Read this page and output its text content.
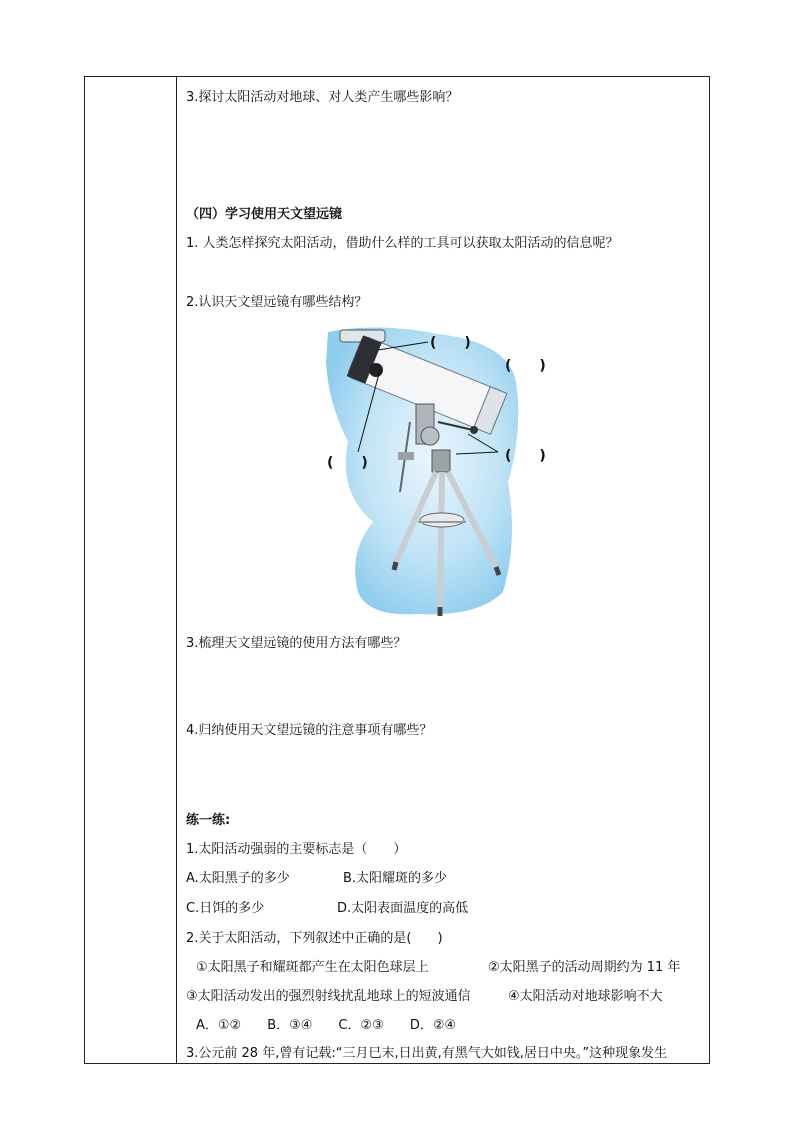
3.探讨太阳活动对地球、对人类产生哪些影响？
（四）学习使用天文望远镜
1. 人类怎样探究太阳活动，借助什么样的工具可以获取太阳活动的信息呢？
2.认识天文望远镜有哪些结构？
(　　)
(　　)
(　　)
(　　)
3.梳理天文望远镜的使用方法有哪些？
4.归纳使用天文望远镜的注意事项有哪些？
练一练:
1.太阳活动强弱的主要标志是（　　）
A.太阳黑子的多少	B.太阳耀斑的多少
C.日饵的多少	D.太阳表面温度的高低
2.关于太阳活动，下列叙述中正确的是(　　)
①太阳黑子和耀斑都产生在太阳色球层上	②太阳黑子的活动周期约为 11 年
③太阳活动发出的强烈射线扰乱地球上的短波通信	④太阳活动对地球影响不大
A．①②　　B．③④　　C．②③　　D．②④
3.公元前 28 年,曾有记载:“三月巳末,日出黄,有黑气大如钱,居日中央。”这种现象发生
